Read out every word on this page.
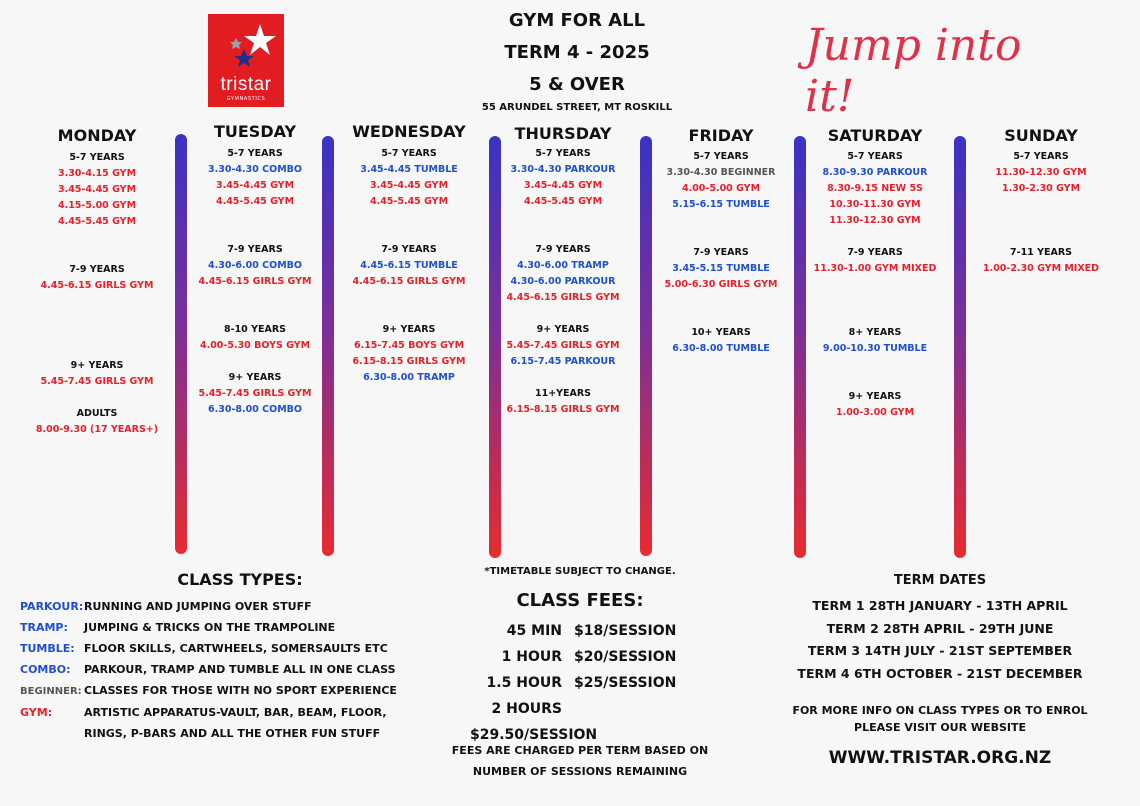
tristar
GYMNASTICS
GYM FOR ALL
TERM 4 - 2025
5 & OVER
55 ARUNDEL STREET, MT ROSKILL
Jump into it!
MONDAY
5-7 YEARS
3.30-4.15 GYM
3.45-4.45 GYM
4.15-5.00 GYM
4.45-5.45 GYM
7-9 YEARS
4.45-6.15 GIRLS GYM
9+ YEARS
5.45-7.45 GIRLS GYM
ADULTS
8.00-9.30 (17 YEARS+)
TUESDAY
5-7 YEARS
3.30-4.30 COMBO
3.45-4.45 GYM
4.45-5.45 GYM
7-9 YEARS
4.30-6.00 COMBO
4.45-6.15 GIRLS GYM
8-10 YEARS
4.00-5.30 BOYS GYM
9+ YEARS
5.45-7.45 GIRLS GYM
6.30-8.00 COMBO
WEDNESDAY
5-7 YEARS
3.45-4.45 TUMBLE
3.45-4.45 GYM
4.45-5.45 GYM
7-9 YEARS
4.45-6.15 TUMBLE
4.45-6.15 GIRLS GYM
9+ YEARS
6.15-7.45 BOYS GYM
6.15-8.15 GIRLS GYM
6.30-8.00 TRAMP
THURSDAY
5-7 YEARS
3.30-4.30 PARKOUR
3.45-4.45 GYM
4.45-5.45 GYM
7-9 YEARS
4.30-6.00 TRAMP
4.30-6.00 PARKOUR
4.45-6.15 GIRLS GYM
9+ YEARS
5.45-7.45 GIRLS GYM
6.15-7.45 PARKOUR
11+YEARS
6.15-8.15 GIRLS GYM
FRIDAY
5-7 YEARS
3.30-4.30 BEGINNER
4.00-5.00 GYM
5.15-6.15 TUMBLE
7-9 YEARS
3.45-5.15 TUMBLE
5.00-6.30 GIRLS GYM
10+ YEARS
6.30-8.00 TUMBLE
SATURDAY
5-7 YEARS
8.30-9.30 PARKOUR
8.30-9.15 NEW 5S
10.30-11.30 GYM
11.30-12.30 GYM
7-9 YEARS
11.30-1.00 GYM MIXED
8+ YEARS
9.00-10.30 TUMBLE
9+ YEARS
1.00-3.00 GYM
SUNDAY
5-7 YEARS
11.30-12.30 GYM
1.30-2.30 GYM
7-11 YEARS
1.00-2.30 GYM MIXED
CLASS TYPES:
PARKOUR:RUNNING AND JUMPING OVER STUFF
TRAMP: JUMPING & TRICKS ON THE TRAMPOLINE
TUMBLE: FLOOR SKILLS, CARTWHEELS, SOMERSAULTS ETC
COMBO: PARKOUR, TRAMP AND TUMBLE ALL IN ONE CLASS
BEGINNER: CLASSES FOR THOSE WITH NO SPORT EXPERIENCE
GYM:	ARTISTIC APPARATUS-VAULT, BAR, BEAM, FLOOR,
RINGS, P-BARS AND ALL THE OTHER FUN STUFF
*TIMETABLE SUBJECT TO CHANGE.
CLASS FEES:
45 MIN $18/SESSION
1 HOUR $20/SESSION
1.5 HOUR $25/SESSION
2 HOURS$29.50/SESSION
FEES ARE CHARGED PER TERM BASED ON
NUMBER OF SESSIONS REMAINING
TERM DATES
TERM 1 28TH JANUARY - 13TH APRIL
TERM 2 28TH APRIL - 29TH JUNE
TERM 3 14TH JULY - 21ST SEPTEMBER
TERM 4 6TH OCTOBER - 21ST DECEMBER
FOR MORE INFO ON CLASS TYPES OR TO ENROL
PLEASE VISIT OUR WEBSITE
WWW.TRISTAR.ORG.NZ
